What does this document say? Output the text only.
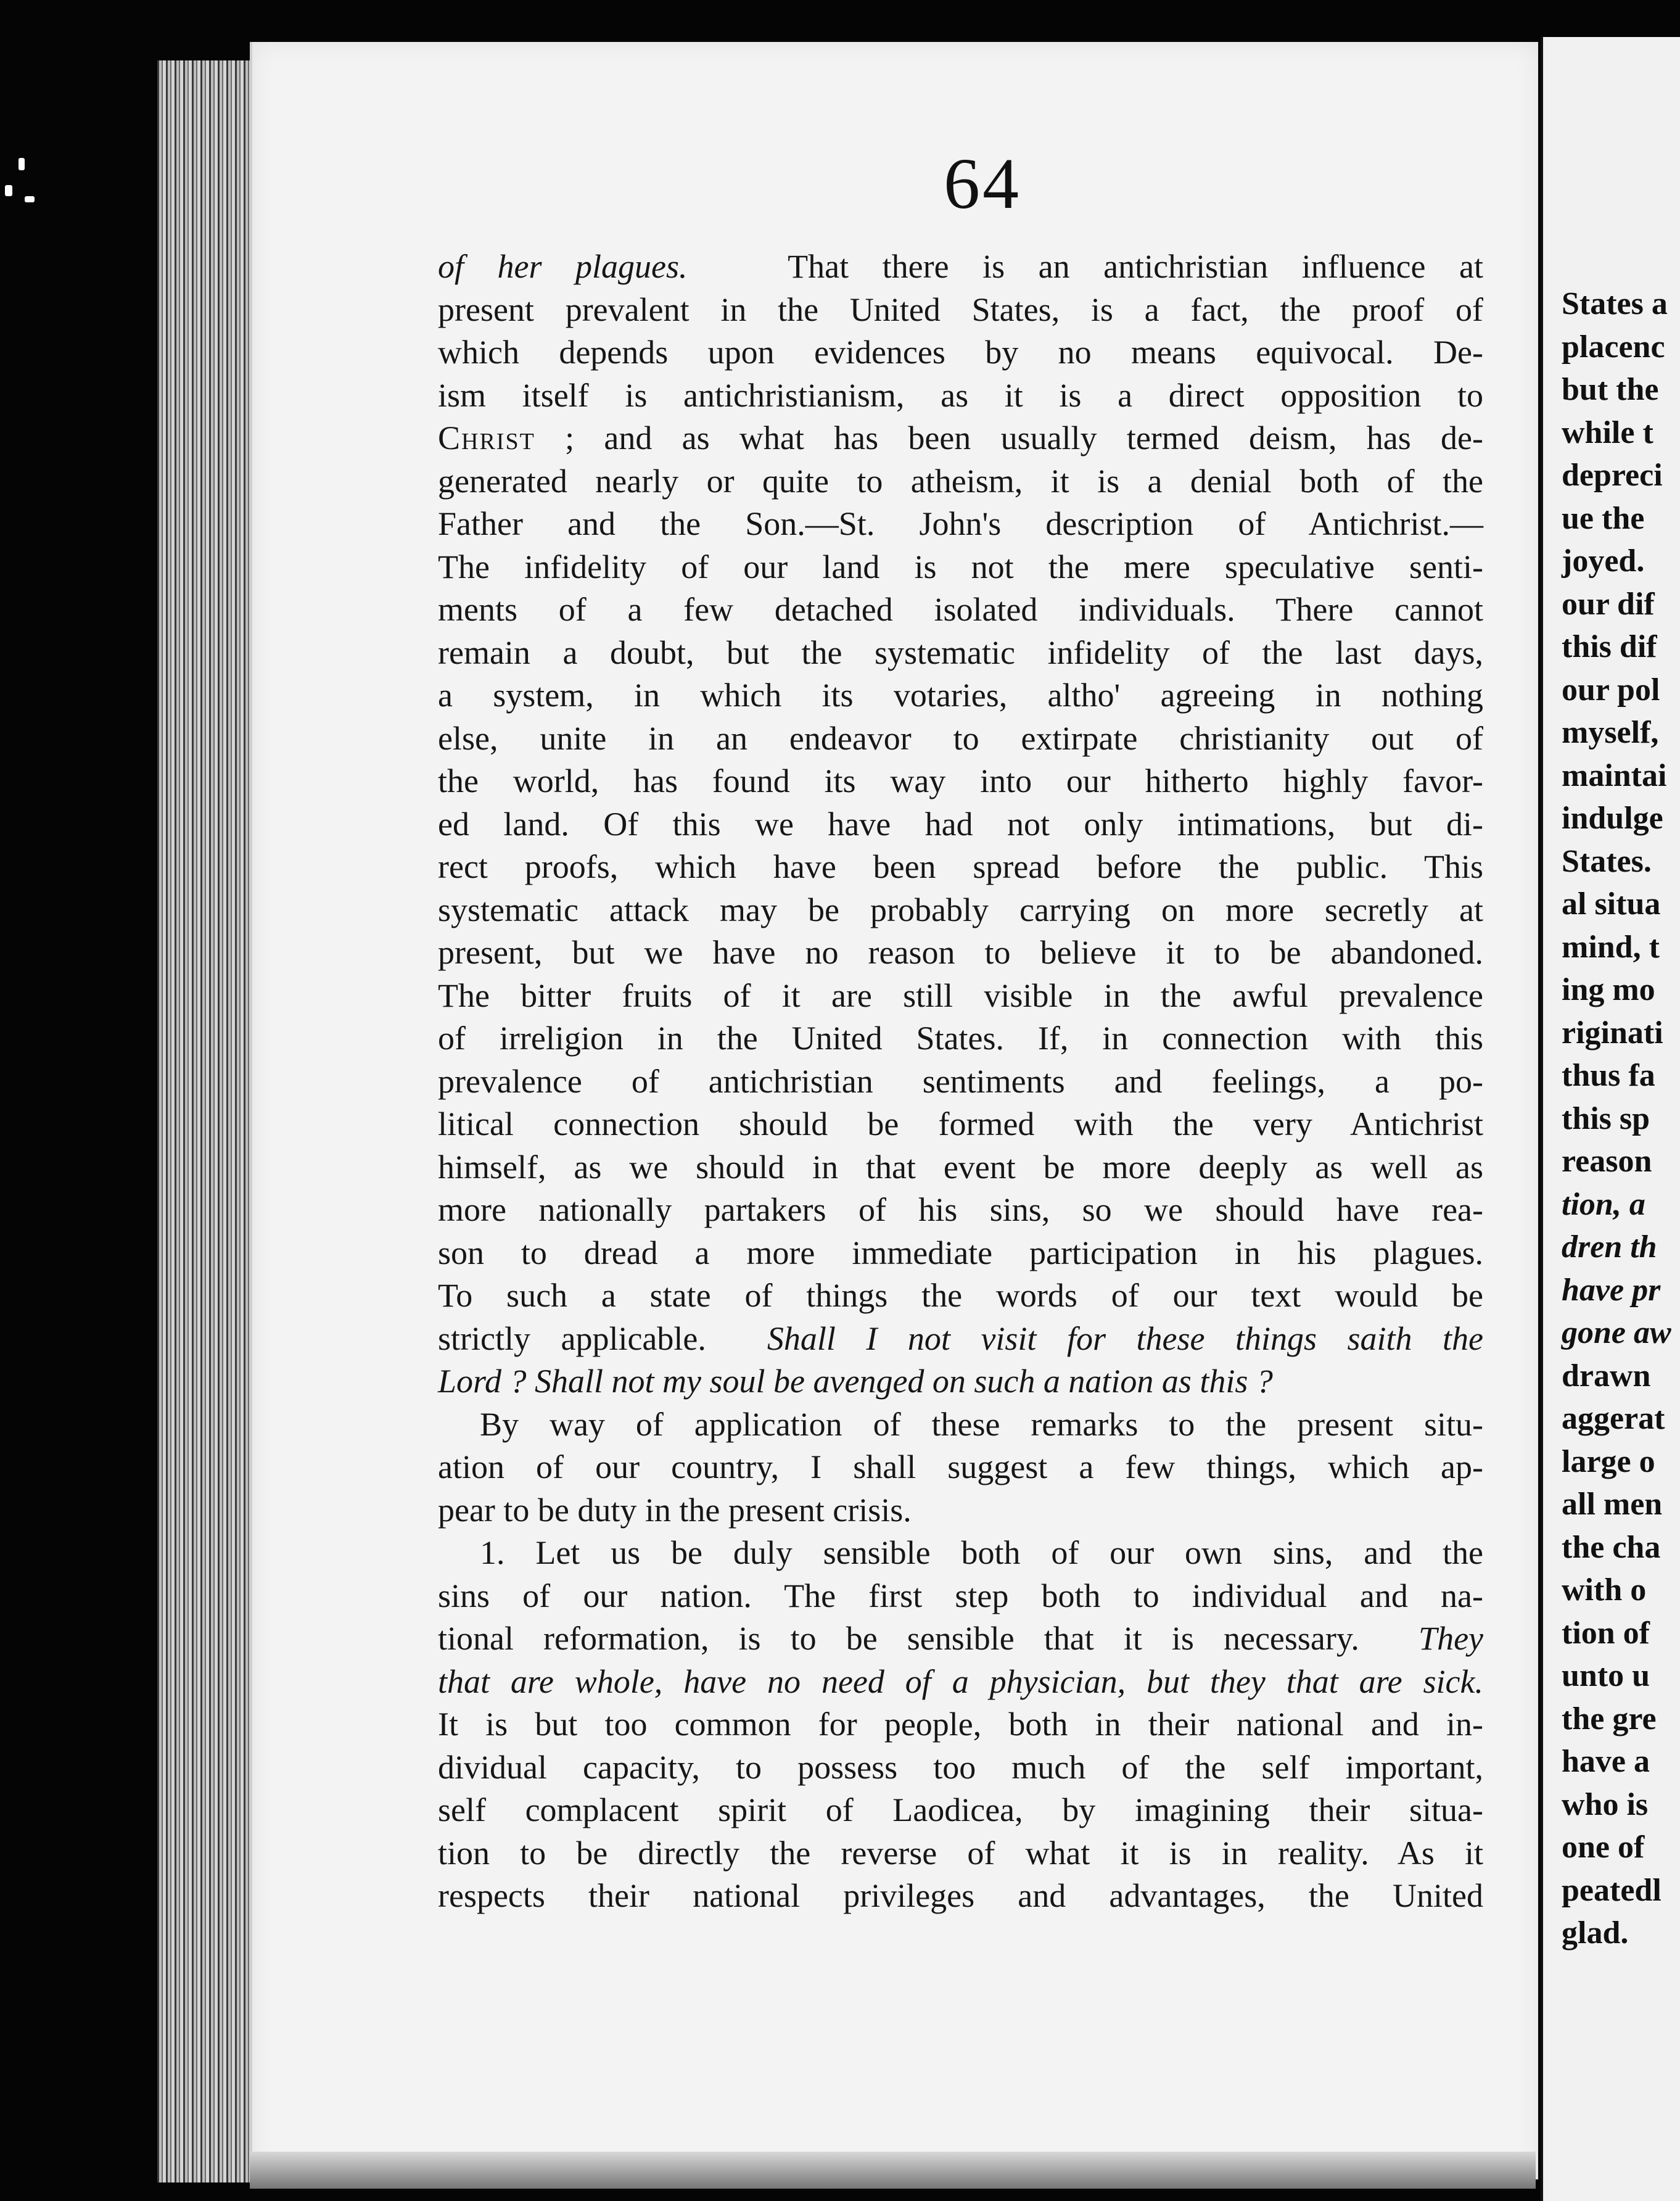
64
of her plagues.   That there is an antichristian influence at
present prevalent in the United States, is a fact, the proof of
which depends upon evidences by no means equivocal. De-
ism itself is antichristianism, as it is a direct opposition to
Christ ; and as what has been usually termed deism, has de-
generated nearly or quite to atheism, it is a denial both of the
Father and the Son.—St. John's description of Antichrist.—
The infidelity of our land is not the mere speculative senti-
ments of a few detached isolated individuals. There cannot
remain a doubt, but the systematic infidelity of the last days,
a system, in which its votaries, altho' agreeing in nothing
else, unite in an endeavor to extirpate christianity out of
the world, has found its way into our hitherto highly favor-
ed land. Of this we have had not only intimations, but di-
rect proofs, which have been spread before the public. This
systematic attack may be probably carrying on more secretly at
present, but we have no reason to believe it to be abandoned.
The bitter fruits of it are still visible in the awful prevalence
of irreligion in the United States. If, in connection with this
prevalence of antichristian sentiments and feelings, a po-
litical connection should be formed with the very Antichrist
himself, as we should in that event be more deeply as well as
more nationally partakers of his sins, so we should have rea-
son to dread a more immediate participation in his plagues.
To such a state of things the words of our text would be
strictly applicable.  Shall I not visit for these things saith the
Lord ? Shall not my soul be avenged on such a nation as this ?
By way of application of these remarks to the present situ-
ation of our country, I shall suggest a few things, which ap-
pear to be duty in the present crisis.
1. Let us be duly sensible both of our own sins, and the
sins of our nation. The first step both to individual and na-
tional reformation, is to be sensible that it is necessary.  They
that are whole, have no need of a physician, but they that are sick.
It is but too common for people, both in their national and in-
dividual capacity, to possess too much of the self important,
self complacent spirit of Laodicea, by imagining their situa-
tion to be directly the reverse of what it is in reality. As it
respects their national privileges and advantages, the United
States a
placenc
but the
while t
depreci
ue the
joyed.
our dif
this dif
our pol
myself,
maintai
indulge
States.
al situa
mind, t
ing mo
riginati
thus fa
this sp
reason
tion, a
dren th
have pr
gone aw
drawn
aggerat
large o
all men
the cha
with o
tion of
unto u
the gre
have a
who is
one of
peatedl
glad.
